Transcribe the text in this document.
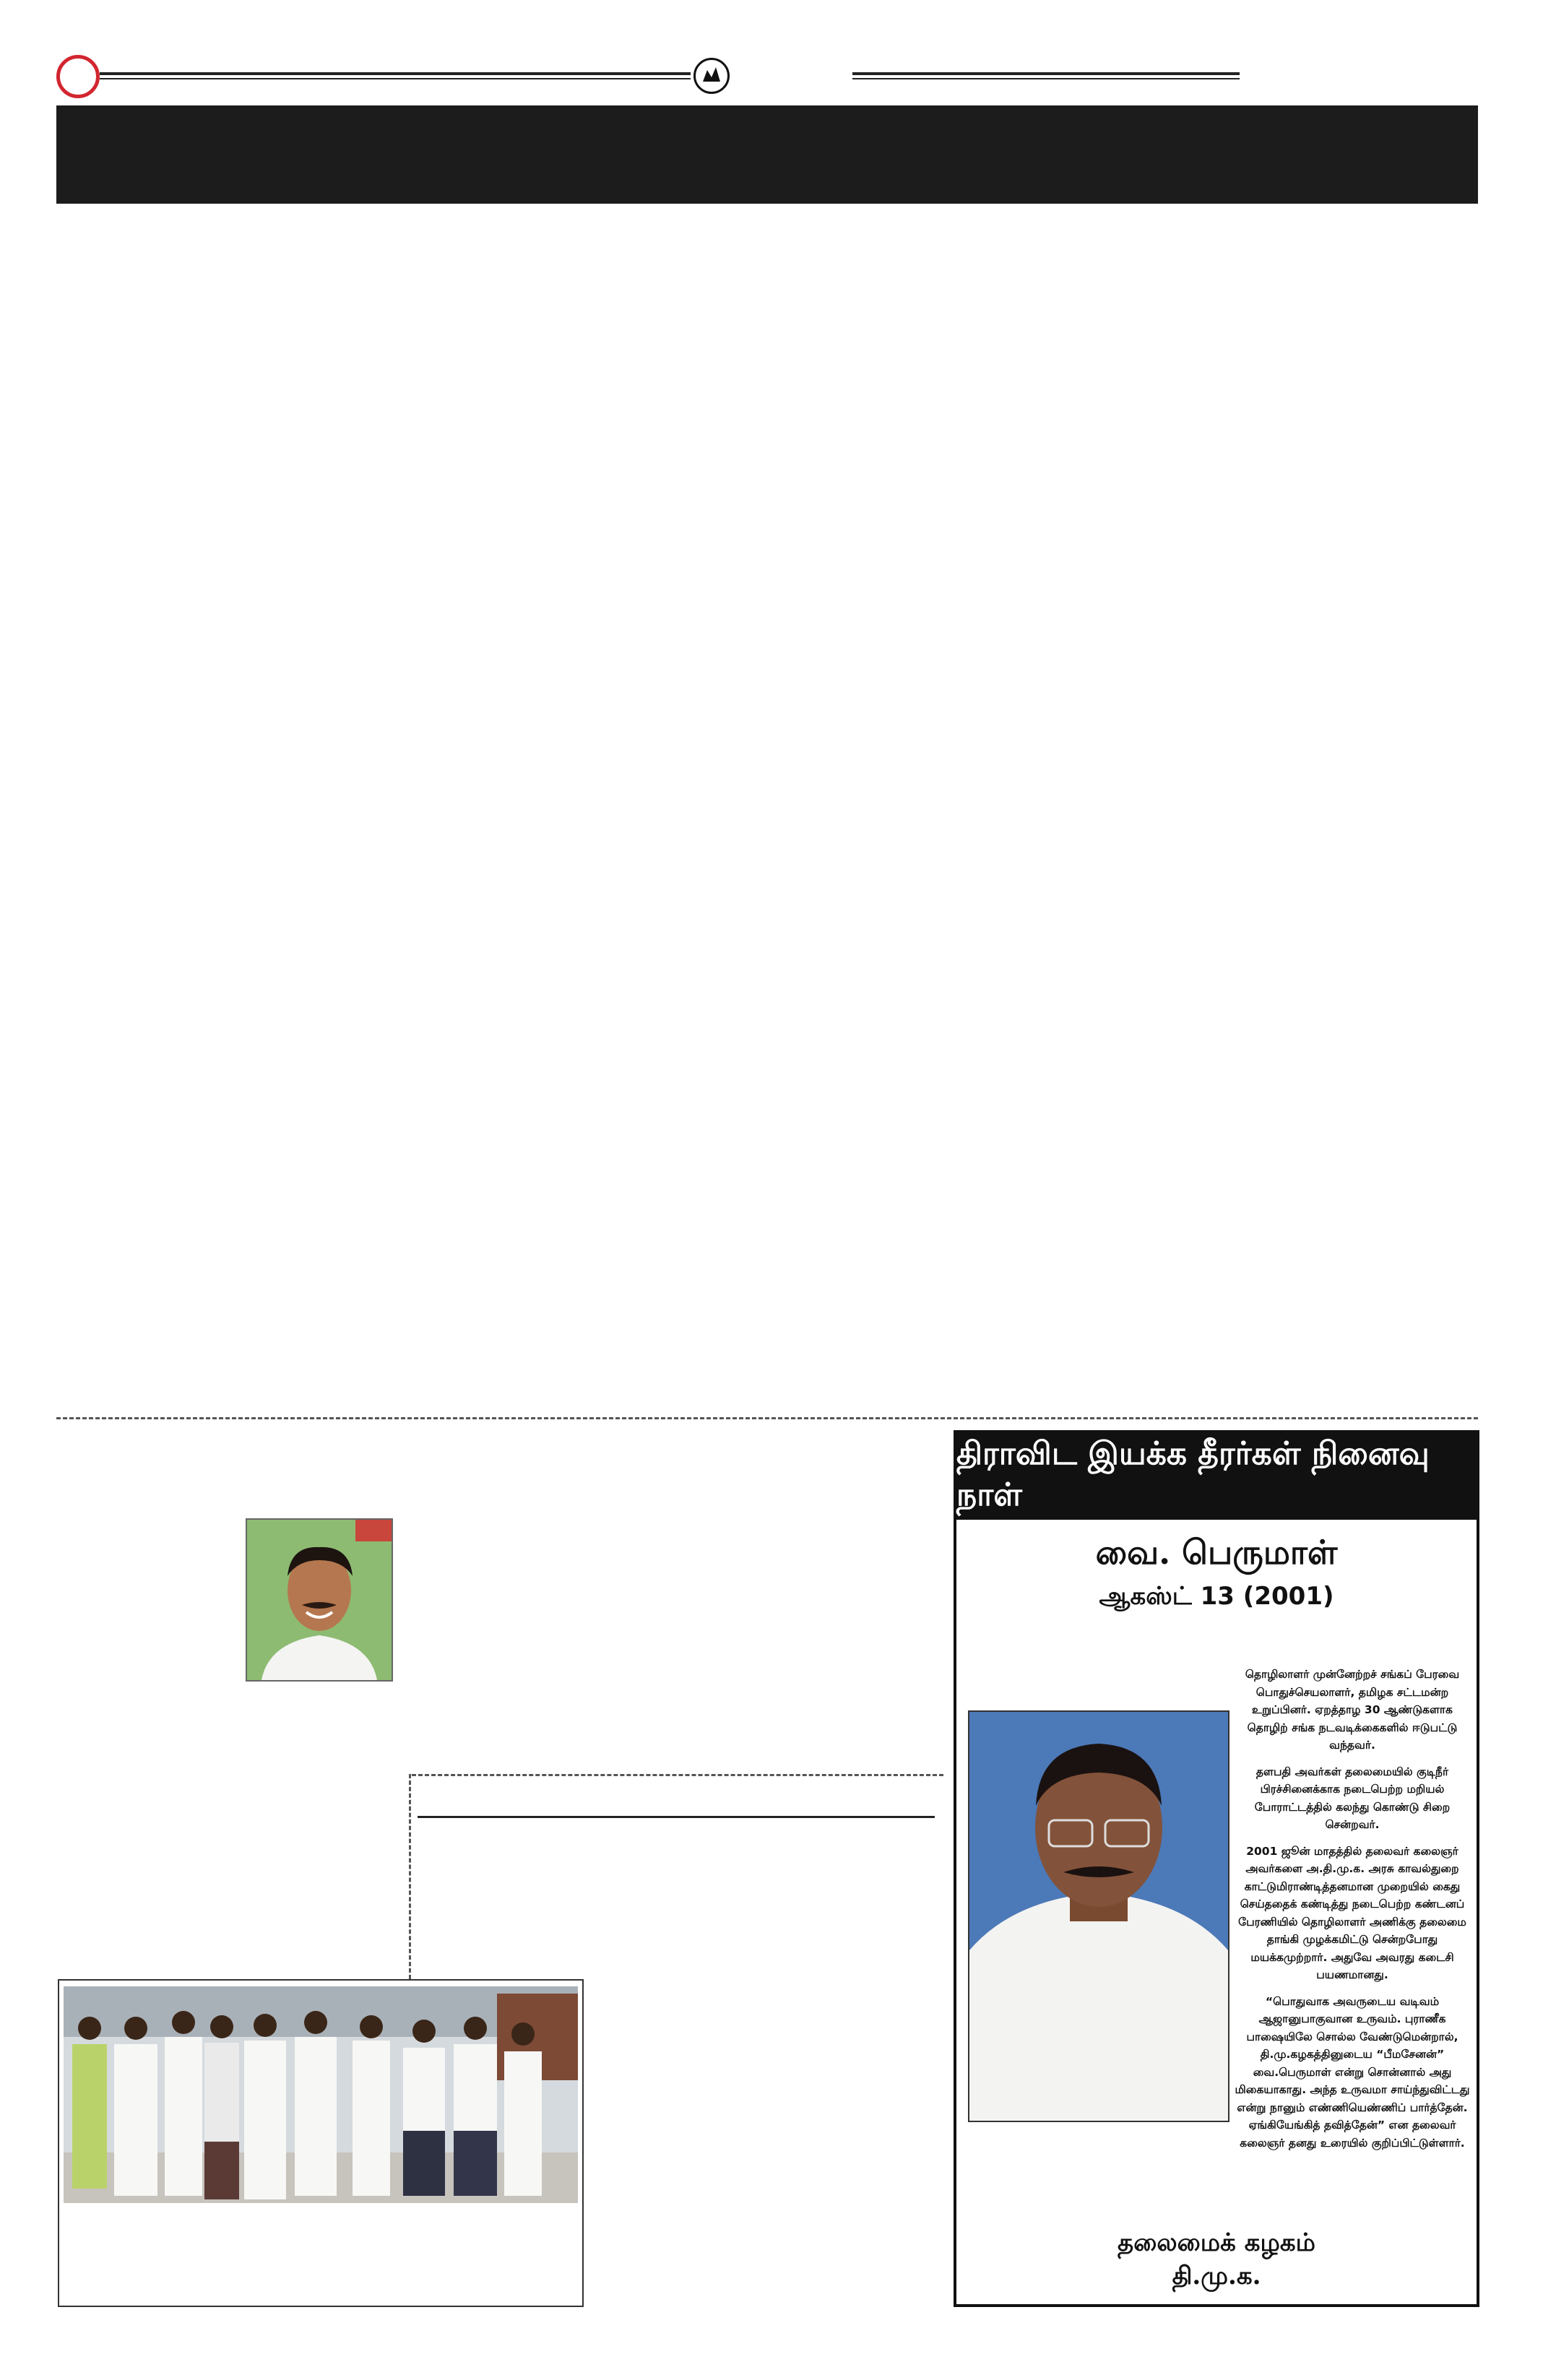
திராவிட இயக்க தீரர்கள் நினைவு நாள்
வை. பெருமாள்
ஆகஸ்ட் 13 (2001)

தொழிலாளர் முன்னேற்றச் சங்கப் பேரவை பொதுச்செயலாளர், தமிழக சட்டமன்ற உறுப்பினர். ஏறத்தாழ 30 ஆண்டுகளாக தொழிற் சங்க நடவடிக்கைகளில் ஈடுபட்டு வந்தவர்.

தளபதி அவர்கள் தலைமையில் குடிநீர் பிரச்சினைக்காக நடைபெற்ற மறியல் போராட்டத்தில் கலந்து கொண்டு சிறை சென்றவர்.

2001 ஜூன் மாதத்தில் தலைவர் கலைஞர் அவர்களை அ.தி.மு.க. அரசு காவல்துறை காட்டுமிராண்டித்தனமான முறையில் கைது செய்ததைக் கண்டித்து நடைபெற்ற கண்டனப் பேரணியில் தொழிலாளர் அணிக்கு தலைமை தாங்கி முழக்கமிட்டு சென்றபோது மயக்கமுற்றார். அதுவே அவரது கடைசி பயணமானது.

“பொதுவாக அவருடைய வடிவம் ஆஜானுபாகுவான உருவம். புராணீக பாஷையிலே சொல்ல வேண்டுமென்றால், தி.மு.கழகத்தினுடைய “பீமசேனன்” வை.பெருமாள் என்று சொன்னால் அது மிகையாகாது. அந்த உருவமா சாய்ந்துவிட்டது என்று நானும் எண்ணியெண்ணிப் பார்த்தேன். ஏங்கியேங்கித் தவித்தேன்” என தலைவர் கலைஞர் தனது உரையில் குறிப்பிட்டுள்ளார்.

தலைமைக் கழகம்
தி.மு.க.
